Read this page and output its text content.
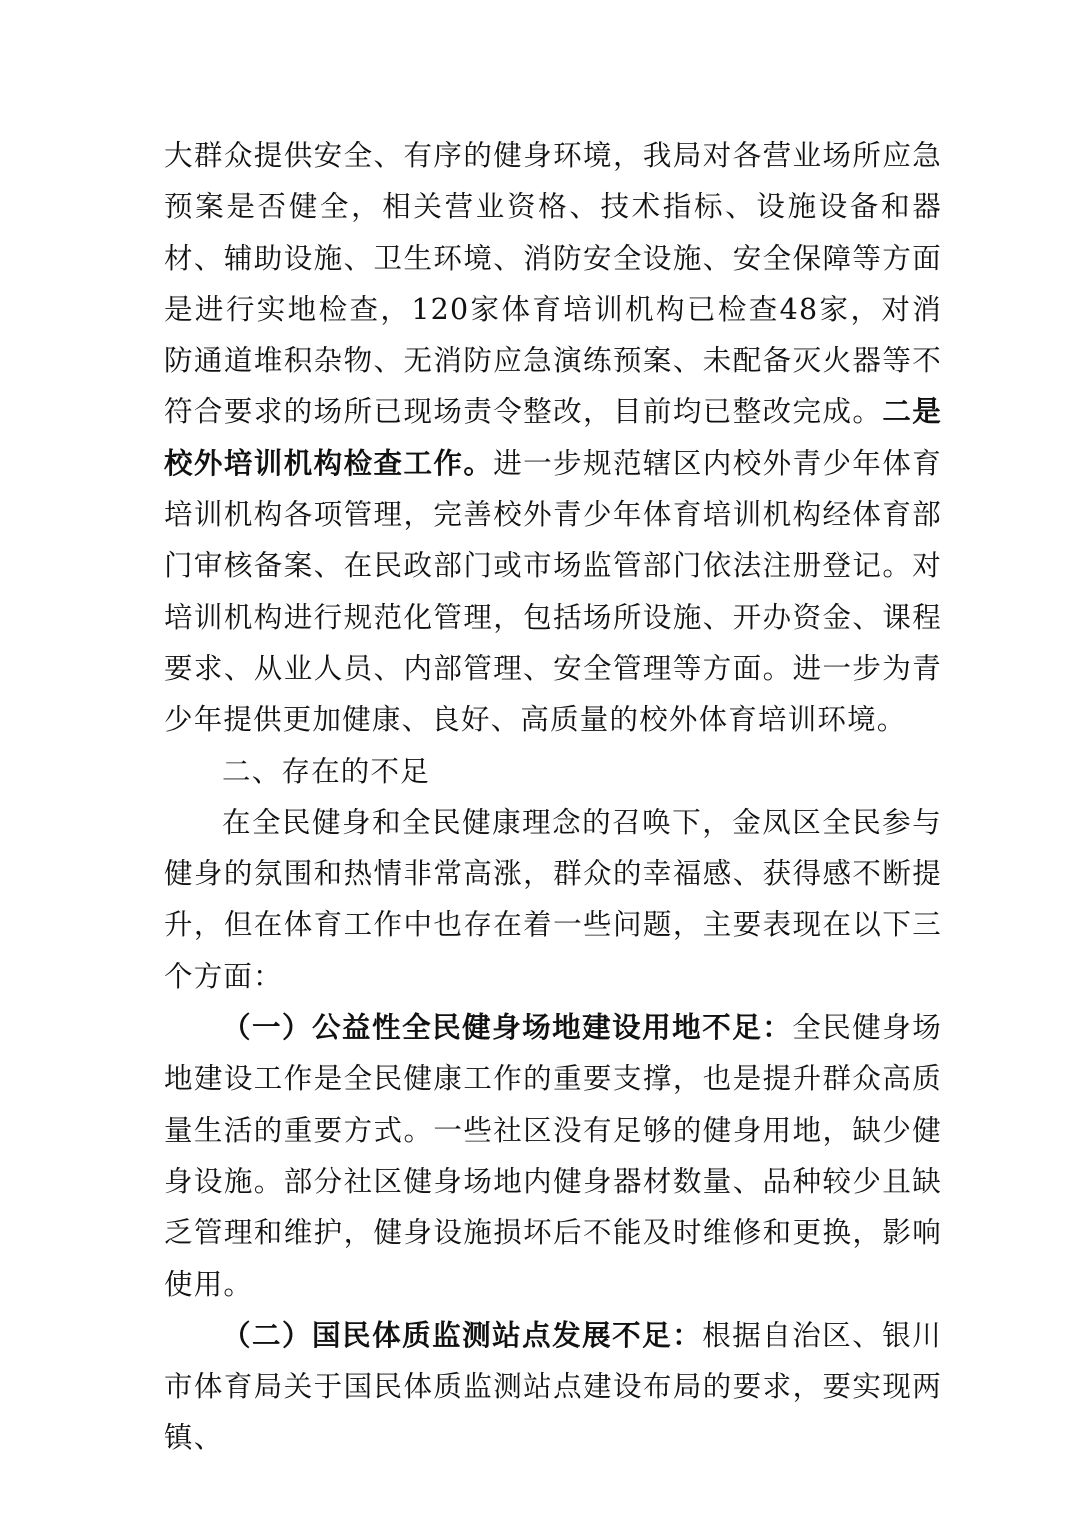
大群众提供安全、有序的健身环境，我局对各营业场所应急预案是否健全，相关营业资格、技术指标、设施设备和器材、辅助设施、卫生环境、消防安全设施、安全保障等方面是进行实地检查，120家体育培训机构已检查48家，对消防通道堆积杂物、无消防应急演练预案、未配备灭火器等不符合要求的场所已现场责令整改，目前均已整改完成。二是校外培训机构检查工作。进一步规范辖区内校外青少年体育培训机构各项管理，完善校外青少年体育培训机构经体育部门审核备案、在民政部门或市场监管部门依法注册登记。对培训机构进行规范化管理，包括场所设施、开办资金、课程要求、从业人员、内部管理、安全管理等方面。进一步为青少年提供更加健康、良好、高质量的校外体育培训环境。

二、存在的不足

在全民健身和全民健康理念的召唤下，金凤区全民参与健身的氛围和热情非常高涨，群众的幸福感、获得感不断提升，但在体育工作中也存在着一些问题，主要表现在以下三个方面：

（一）公益性全民健身场地建设用地不足：全民健身场地建设工作是全民健康工作的重要支撑，也是提升群众高质量生活的重要方式。一些社区没有足够的健身用地，缺少健身设施。部分社区健身场地内健身器材数量、品种较少且缺乏管理和维护，健身设施损坏后不能及时维修和更换，影响使用。

（二）国民体质监测站点发展不足：根据自治区、银川市体育局关于国民体质监测站点建设布局的要求，要实现两镇、
